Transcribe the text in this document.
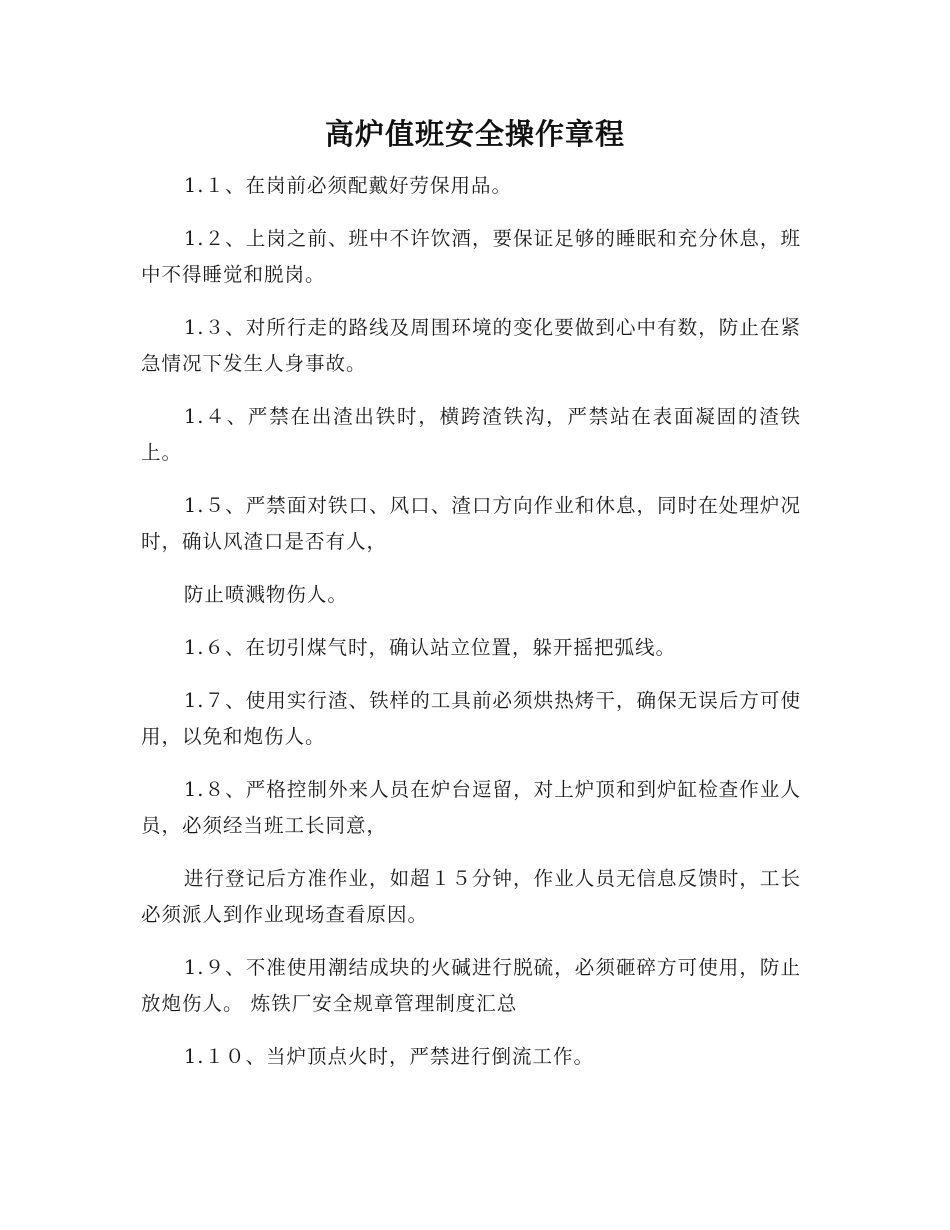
高炉值班安全操作章程

1.１、在岗前必须配戴好劳保用品。

1.２、上岗之前、班中不许饮酒，要保证足够的睡眠和充分休息，班中不得睡觉和脱岗。

1.３、对所行走的路线及周围环境的变化要做到心中有数，防止在紧急情况下发生人身事故。

1.４、严禁在出渣出铁时，横跨渣铁沟，严禁站在表面凝固的渣铁上。

1.５、严禁面对铁口、风口、渣口方向作业和休息，同时在处理炉况时，确认风渣口是否有人，

防止喷溅物伤人。

1.６、在切引煤气时，确认站立位置，躲开摇把弧线。

1.７、使用实行渣、铁样的工具前必须烘热烤干，确保无误后方可使用，以免和炮伤人。

1.８、严格控制外来人员在炉台逗留，对上炉顶和到炉缸检查作业人员，必须经当班工长同意，

进行登记后方准作业，如超１５分钟，作业人员无信息反馈时，工长必须派人到作业现场查看原因。

1.９、不准使用潮结成块的火碱进行脱硫，必须砸碎方可使用，防止放炮伤人。 炼铁厂安全规章管理制度汇总

1.１０、当炉顶点火时，严禁进行倒流工作。
